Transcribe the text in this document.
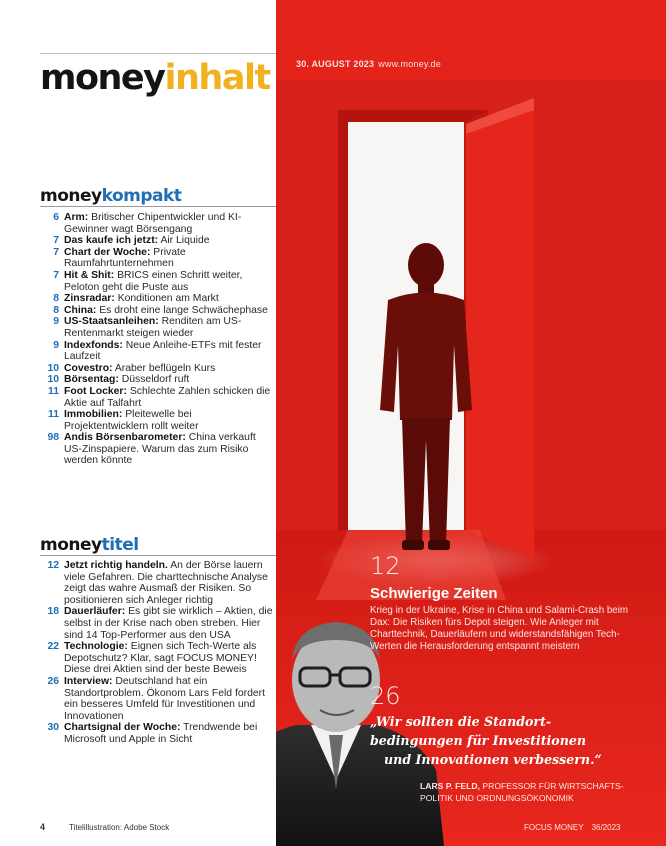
moneyinhalt
moneykompakt
6 Arm: Britischer Chipentwickler und KI-Gewinner wagt Börsengang
7 Das kaufe ich jetzt: Air Liquide
7 Chart der Woche: Private Raumfahrtunternehmen
7 Hit & Shit: BRICS einen Schritt weiter, Peloton geht die Puste aus
8 Zinsradar: Konditionen am Markt
8 China: Es droht eine lange Schwächephase
9 US-Staatsanleihen: Renditen am US-Rentenmarkt steigen wieder
9 Indexfonds: Neue Anleihe-ETFs mit fester Laufzeit
10 Covestro: Araber beflügeln Kurs
10 Börsentag: Düsseldorf ruft
11 Foot Locker: Schlechte Zahlen schicken die Aktie auf Talfahrt
11 Immobilien: Pleitewelle bei Projektentwicklern rollt weiter
98 Andis Börsenbarometer: China verkauft US-Zinspapiere. Warum das zum Risiko werden könnte
moneytitel
12 Jetzt richtig handeln. An der Börse lauern viele Gefahren. Die charttechnische Analyse zeigt das wahre Ausmaß der Risiken. So positionieren sich Anleger richtig
18 Dauerläufer: Es gibt sie wirklich – Aktien, die selbst in der Krise nach oben streben. Hier sind 14 Top-Performer aus den USA
22 Technologie: Eignen sich Tech-Werte als Depotschutz? Klar, sagt FOCUS MONEY! Diese drei Aktien sind der beste Beweis
26 Interview: Deutschland hat ein Standortproblem. Ökonom Lars Feld fordert ein besseres Umfeld für Investitionen und Innovationen
30 Chartsignal der Woche: Trendwende bei Microsoft und Apple in Sicht
4	Titelillustration: Adobe Stock
30. AUGUST 2023 www.money.de
12
Schwierige Zeiten
Krieg in der Ukraine, Krise in China und Salami-Crash beim Dax: Die Risiken fürs Depot steigen. Wie Anleger mit Charttechnik, Dauerläufern und widerstandsfähigen Tech-Werten die Herausforderung entspannt meistern
26
„Wir sollten die Standort-
bedingungen für Investitionen
und Innovationen verbessern.“
LARS P. FELD, PROFESSOR FÜR WIRTSCHAFTS-POLITIK UND ORDNUNGSÖKONOMIK
FOCUS MONEY 36/2023
